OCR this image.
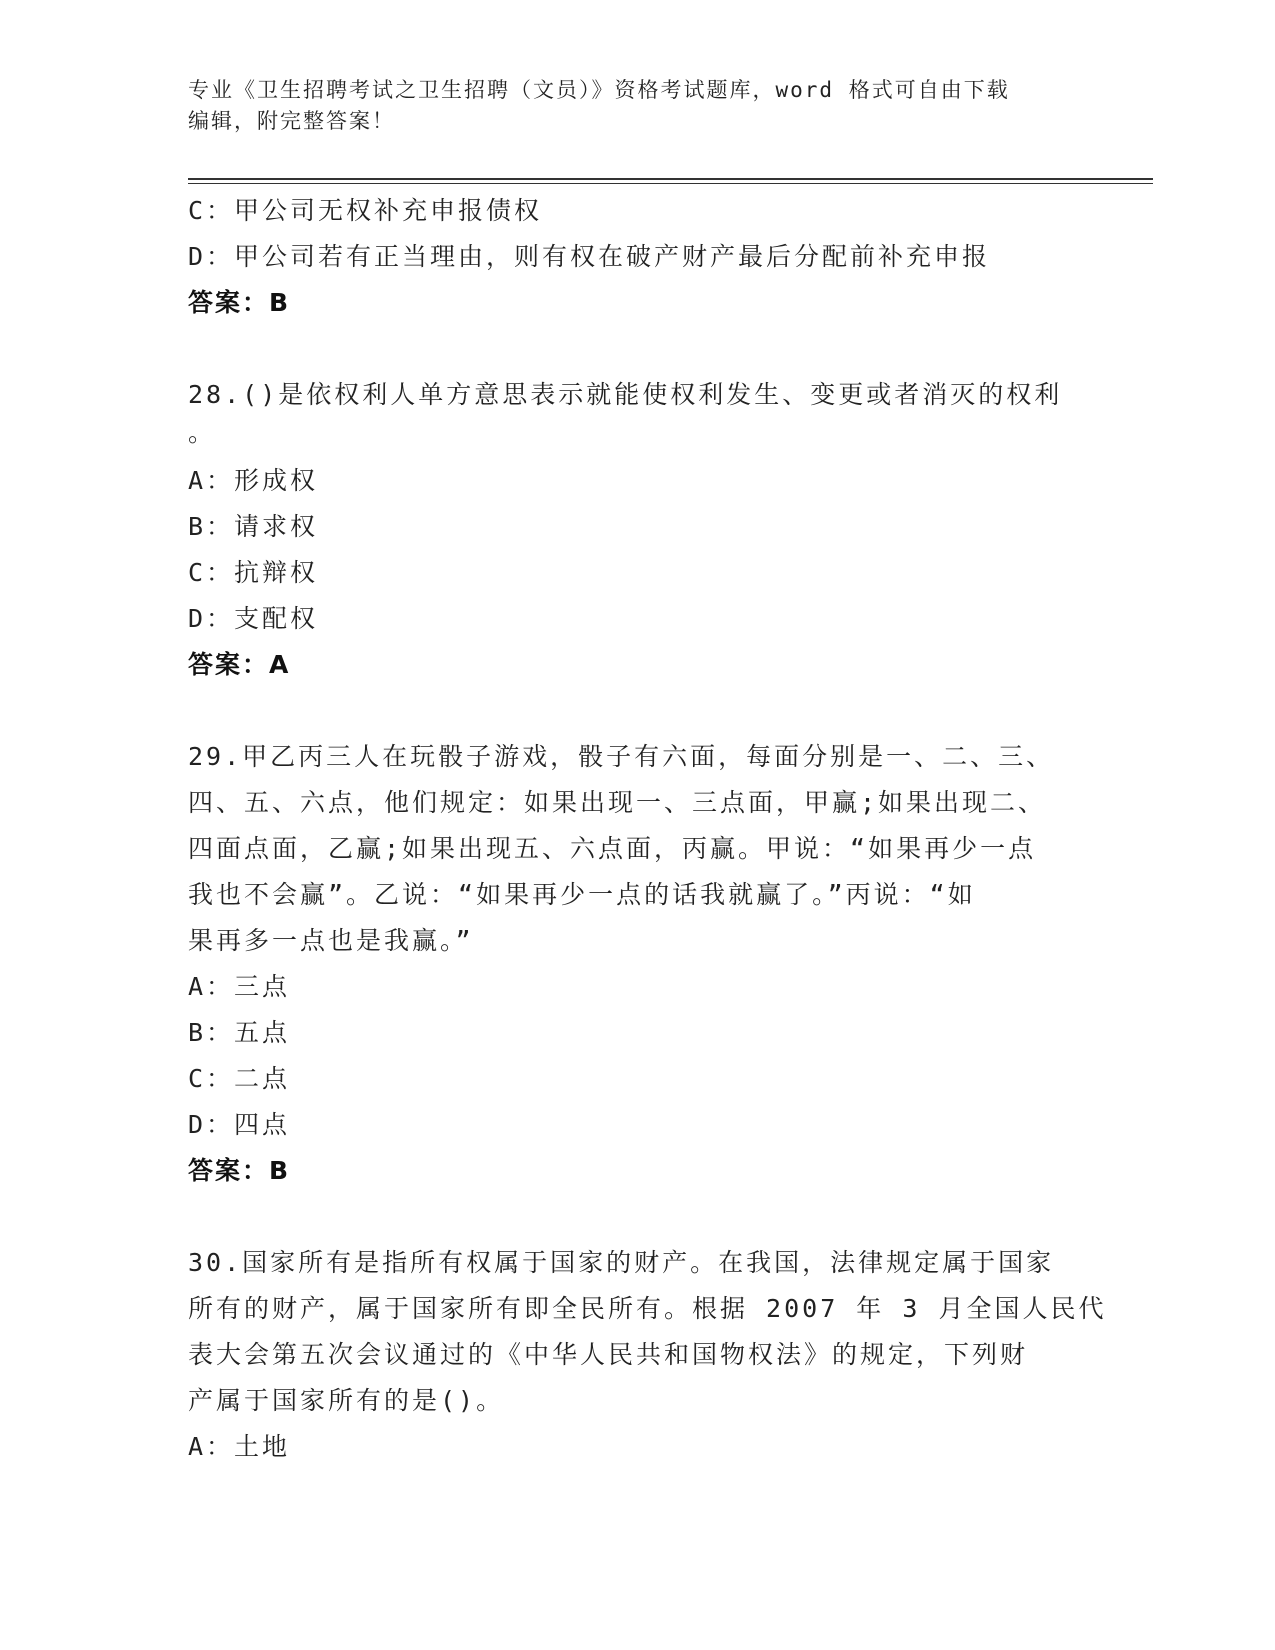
专业《卫生招聘考试之卫生招聘（文员）》资格考试题库，word 格式可自由下载
编辑，附完整答案！
C：甲公司无权补充申报债权
D：甲公司若有正当理由，则有权在破产财产最后分配前补充申报
答案：B
28.()是依权利人单方意思表示就能使权利发生、变更或者消灭的权利
。
A：形成权
B：请求权
C：抗辩权
D：支配权
答案：A
29.甲乙丙三人在玩骰子游戏，骰子有六面，每面分别是一、二、三、
四、五、六点，他们规定：如果出现一、三点面，甲赢;如果出现二、
四面点面，乙赢;如果出现五、六点面，丙赢。甲说：“如果再少一点
我也不会赢”。乙说：“如果再少一点的话我就赢了。”丙说：“如
果再多一点也是我赢。”
A：三点
B：五点
C：二点
D：四点
答案：B
30.国家所有是指所有权属于国家的财产。在我国，法律规定属于国家
所有的财产，属于国家所有即全民所有。根据 2007 年 3 月全国人民代
表大会第五次会议通过的《中华人民共和国物权法》的规定，下列财
产属于国家所有的是()。
A：土地
